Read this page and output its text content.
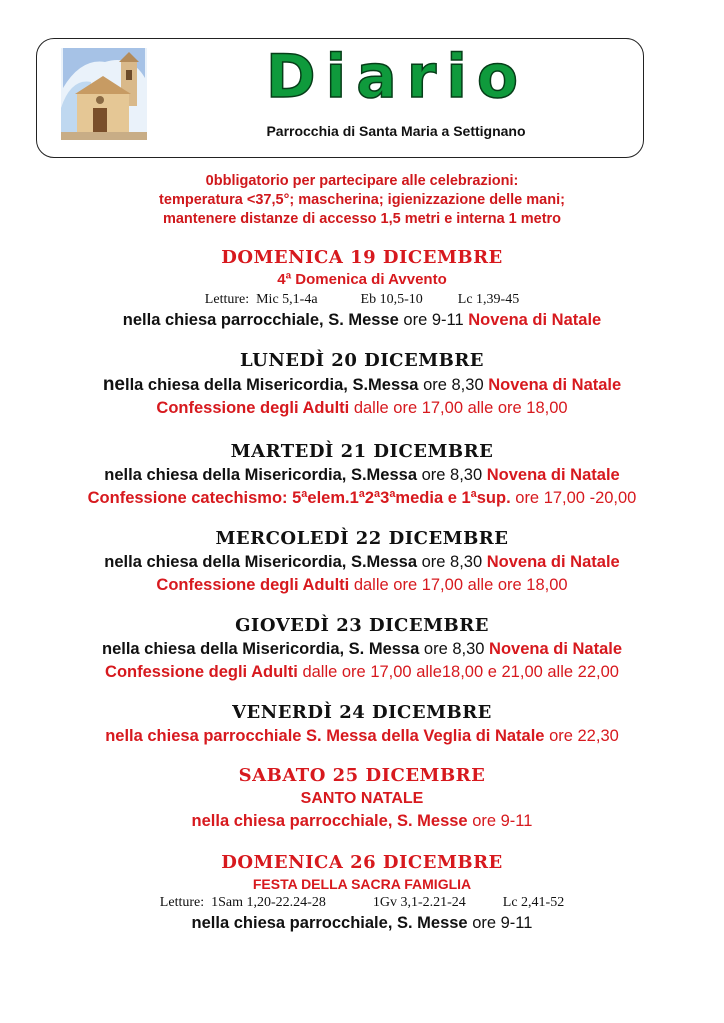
Diario
Parrocchia di Santa Maria a Settignano
0bbligatorio per partecipare alle celebrazioni:
temperatura <37,5°; mascherina; igienizzazione delle mani;
mantenere distanze di accesso 1,5 metri e interna 1 metro
DOMENICA 19 DICEMBRE
4ª Domenica di Avvento
Letture: Mic 5,1-4a	Eb 10,5-10	Lc 1,39-45
nella chiesa parrocchiale, S. Messe ore 9-11 Novena di Natale
LUNEDÌ 20 DICEMBRE
nella chiesa della Misericordia, S.Messa ore 8,30 Novena di Natale
Confessione degli Adulti dalle ore 17,00 alle ore 18,00
MARTEDÌ 21 DICEMBRE
nella chiesa della Misericordia, S.Messa ore 8,30 Novena di Natale
Confessione catechismo: 5ªelem.1ª2ª3ªmedia e 1ªsup. ore 17,00 -20,00
MERCOLEDÌ 22 DICEMBRE
nella chiesa della Misericordia, S.Messa ore 8,30 Novena di Natale
Confessione degli Adulti dalle ore 17,00 alle ore 18,00
GIOVEDÌ 23 DICEMBRE
nella chiesa della Misericordia, S. Messa ore 8,30 Novena di Natale
Confessione degli Adulti dalle ore 17,00 alle18,00 e 21,00 alle 22,00
VENERDÌ 24 DICEMBRE
nella chiesa parrocchiale S. Messa della Veglia di Natale ore 22,30
SABATO 25 DICEMBRE
SANTO NATALE
nella chiesa parrocchiale, S. Messe ore 9-11
DOMENICA 26 DICEMBRE
FESTA DELLA SACRA FAMIGLIA
Letture: 1Sam 1,20-22.24-28	1Gv 3,1-2.21-24	Lc 2,41-52
nella chiesa parrocchiale, S. Messe ore 9-11
